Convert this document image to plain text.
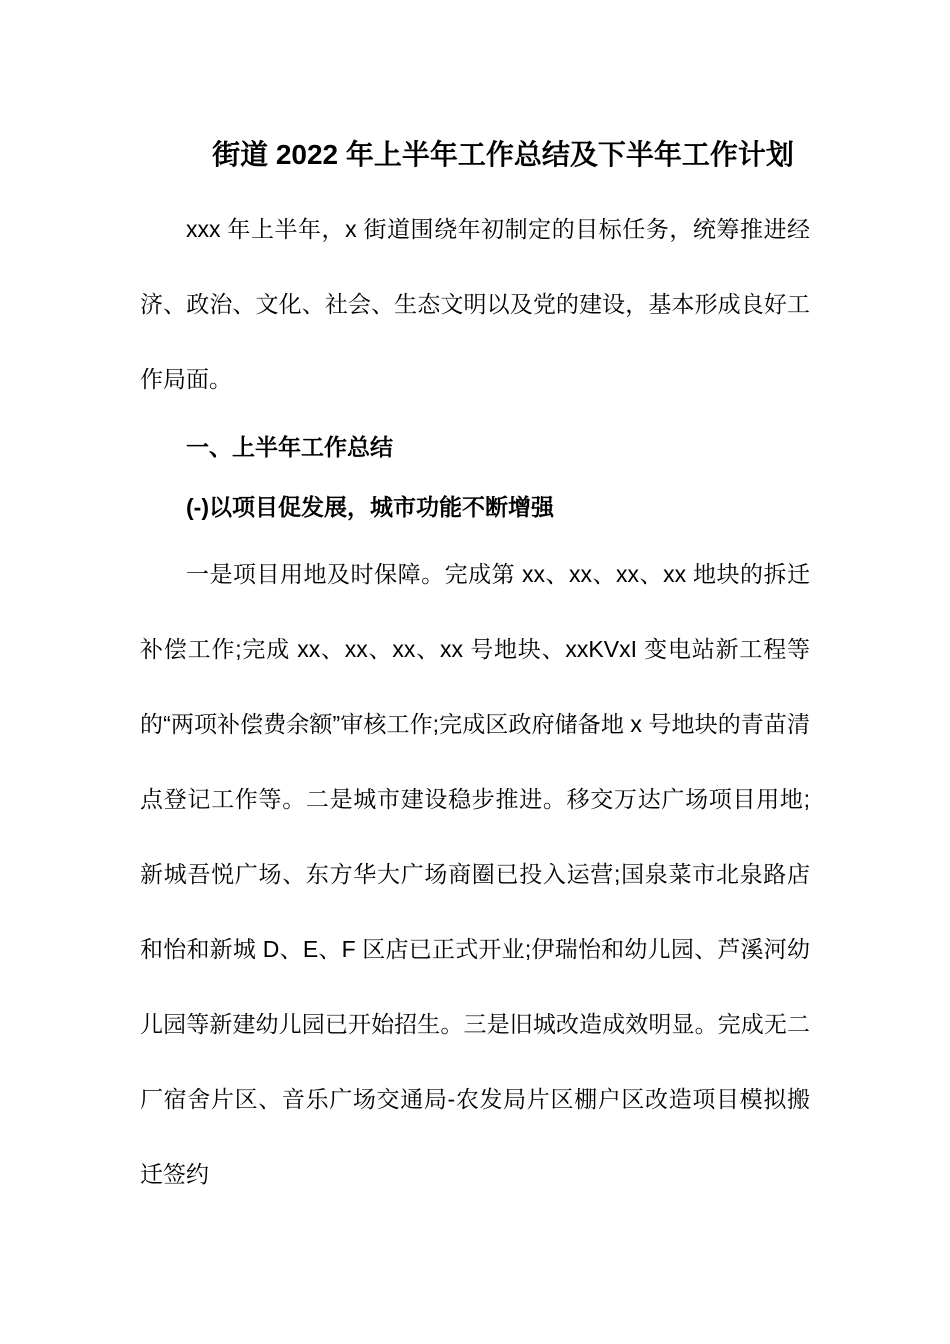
街道 2022 年上半年工作总结及下半年工作计划

xxx 年上半年，x 街道围绕年初制定的目标任务，统筹推进经济、政治、文化、社会、生态文明以及党的建设，基本形成良好工作局面。

一、上半年工作总结
(-)以项目促发展，城市功能不断增强

一是项目用地及时保障。完成第 xx、xx、xx、xx 地块的拆迁补偿工作;完成 xx、xx、xx、xx 号地块、xxKVxI 变电站新工程等的“两项补偿费余额”审核工作;完成区政府储备地 x 号地块的青苗清点登记工作等。二是城市建设稳步推进。移交万达广场项目用地;新城吾悦广场、东方华大广场商圈已投入运营;国泉菜市北泉路店和怡和新城 D、E、F 区店已正式开业;伊瑞怡和幼儿园、芦溪河幼儿园等新建幼儿园已开始招生。三是旧城改造成效明显。完成无二厂宿舍片区、音乐广场交通局-农发局片区棚户区改造项目模拟搬迁签约
